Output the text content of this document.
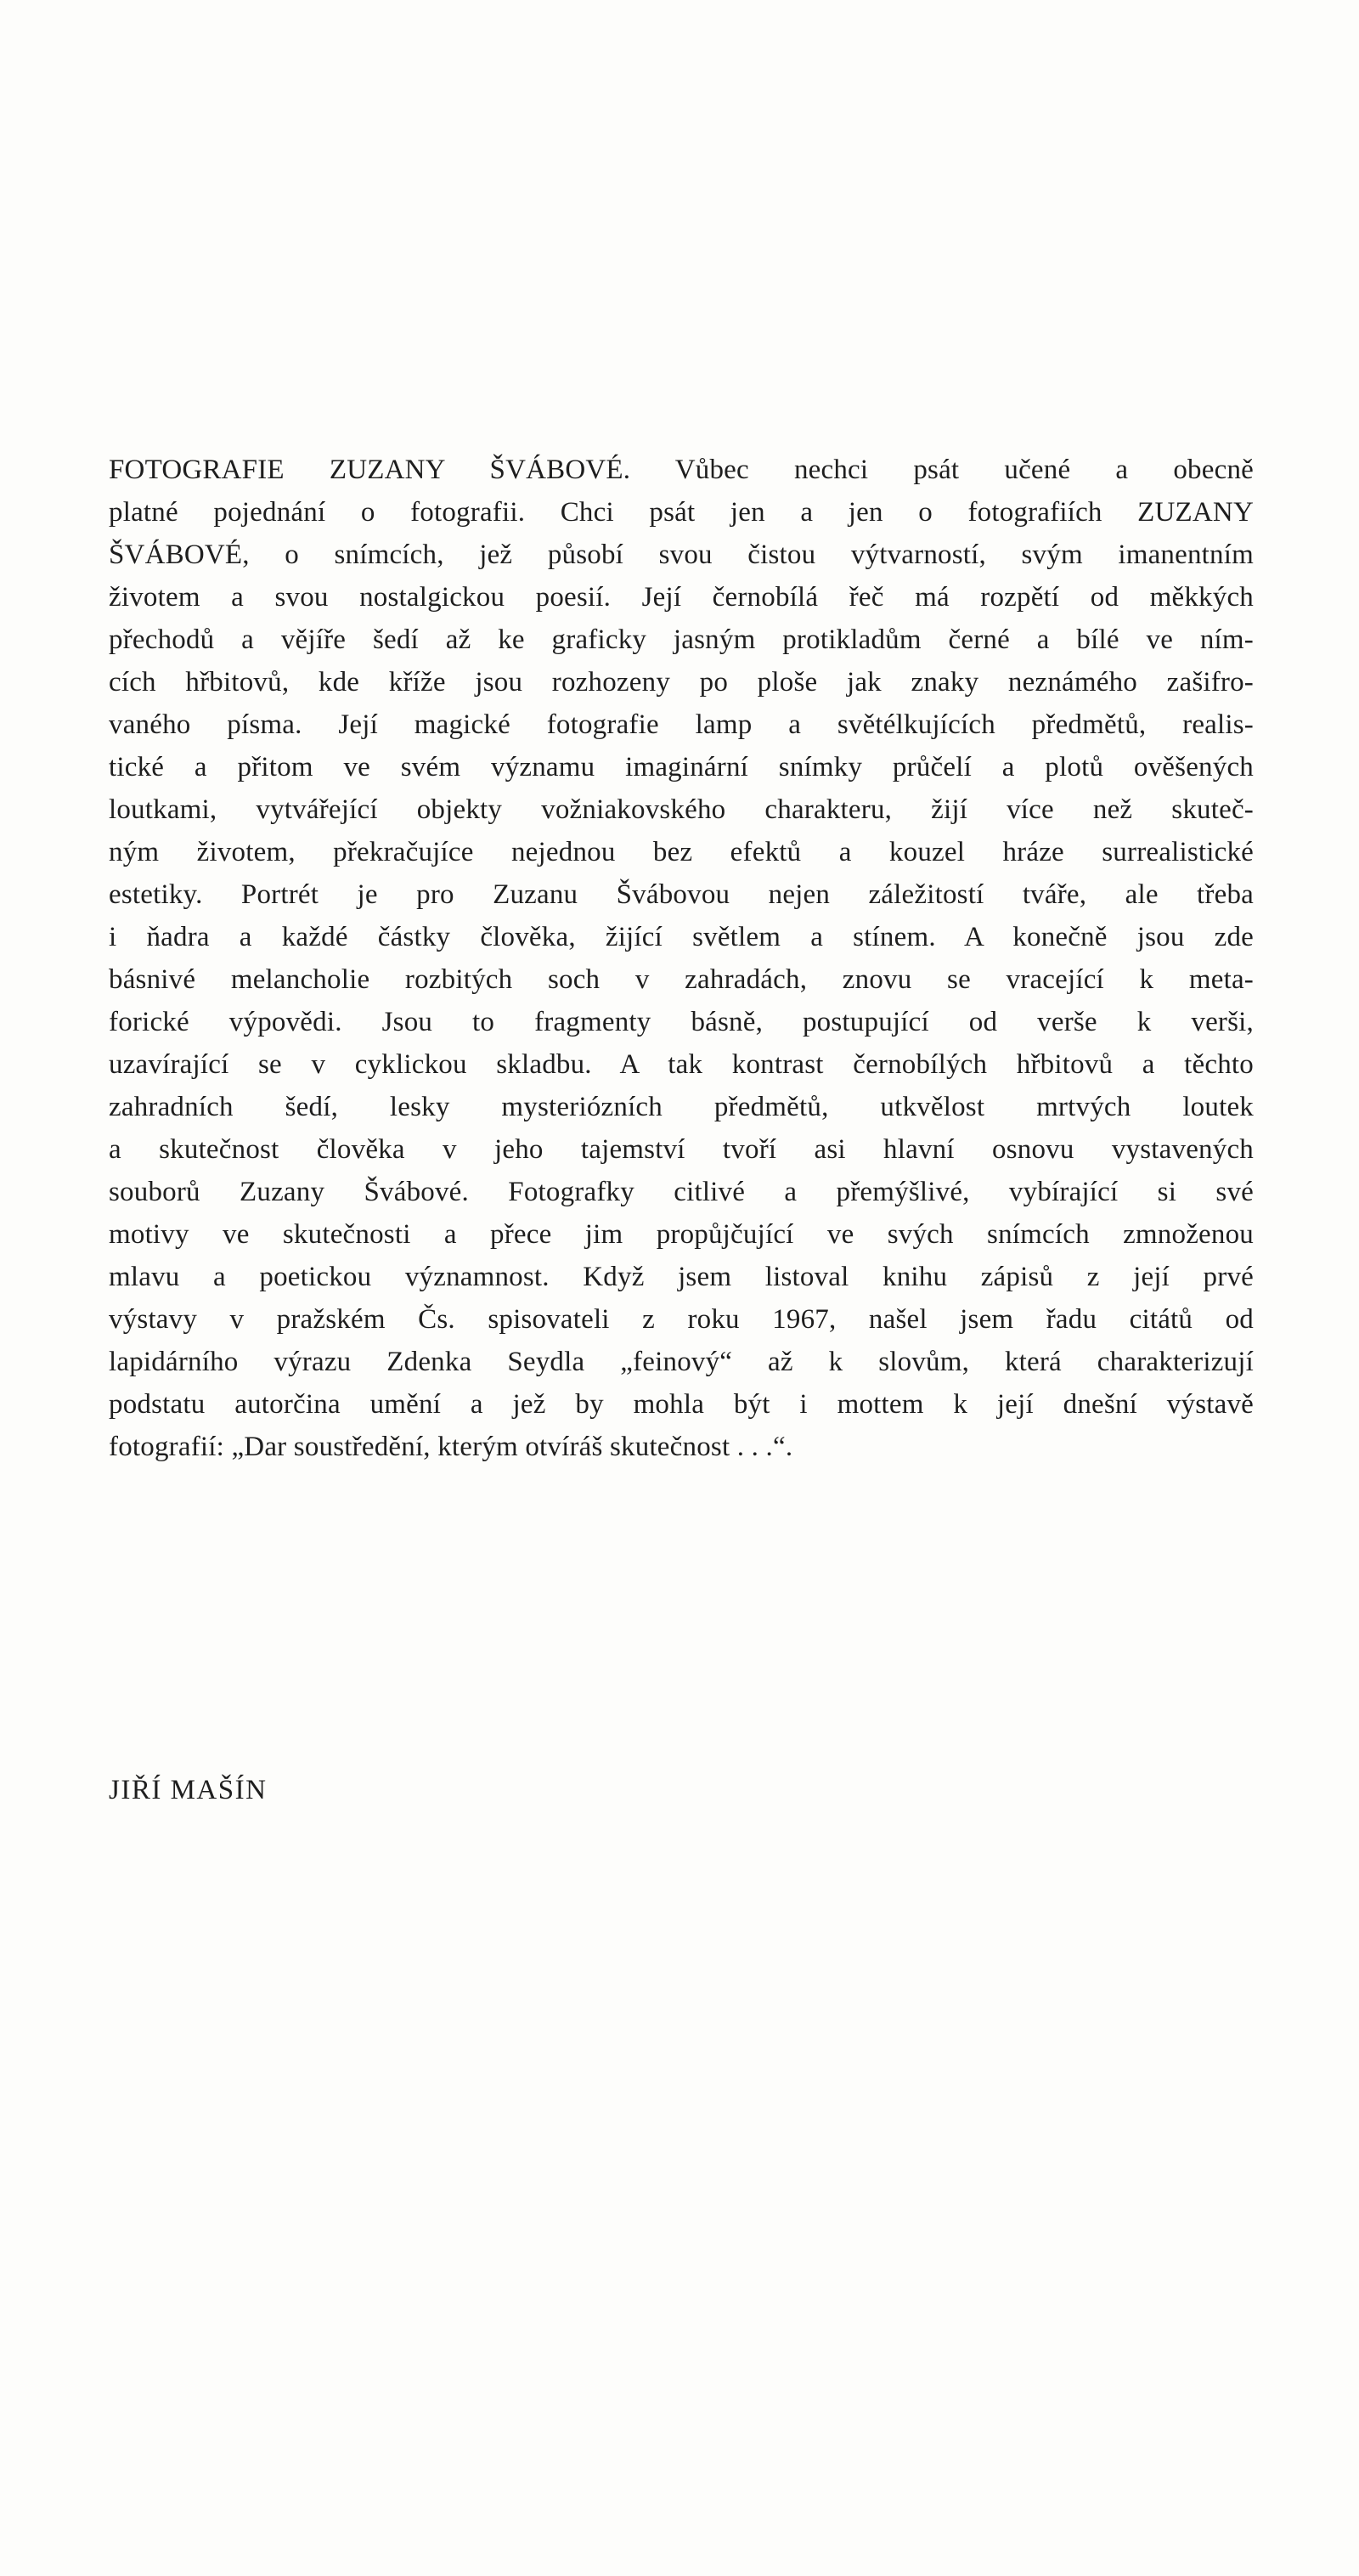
FOTOGRAFIE ZUZANY ŠVÁBOVÉ. Vůbec nechci psát učené a obecně
platné pojednání o fotografii. Chci psát jen a jen o fotografiích ZUZANY
ŠVÁBOVÉ, o snímcích, jež působí svou čistou výtvarností, svým imanentním
životem a svou nostalgickou poesií. Její černobílá řeč má rozpětí od měkkých
přechodů a vějíře šedí až ke graficky jasným protikladům černé a bílé ve ním-
cích hřbitovů, kde kříže jsou rozhozeny po ploše jak znaky neznámého zašifro-
vaného písma. Její magické fotografie lamp a světélkujících předmětů, realis-
tické a přitom ve svém významu imaginární snímky průčelí a plotů ověšených
loutkami, vytvářející objekty vožniakovského charakteru, žijí více než skuteč-
ným životem, překračujíce nejednou bez efektů a kouzel hráze surrealistické
estetiky. Portrét je pro Zuzanu Švábovou nejen záležitostí tváře, ale třeba
i ňadra a každé částky člověka, žijící světlem a stínem. A konečně jsou zde
básnivé melancholie rozbitých soch v zahradách, znovu se vracející k meta-
forické výpovědi. Jsou to fragmenty básně, postupující od verše k verši,
uzavírající se v cyklickou skladbu. A tak kontrast černobílých hřbitovů a těchto
zahradních šedí, lesky mysteriózních předmětů, utkvělost mrtvých loutek
a skutečnost člověka v jeho tajemství tvoří asi hlavní osnovu vystavených
souborů Zuzany Švábové. Fotografky citlivé a přemýšlivé, vybírající si své
motivy ve skutečnosti a přece jim propůjčující ve svých snímcích zmnoženou
mlavu a poetickou významnost. Když jsem listoval knihu zápisů z její prvé
výstavy v pražském Čs. spisovateli z roku 1967, našel jsem řadu citátů od
lapidárního výrazu Zdenka Seydla „feinový“ až k slovům, která charakterizují
podstatu autorčina umění a jež by mohla být i mottem k její dnešní výstavě
fotografií: „Dar soustředění, kterým otvíráš skutečnost . . .“.
JIŘÍ MAŠÍN
